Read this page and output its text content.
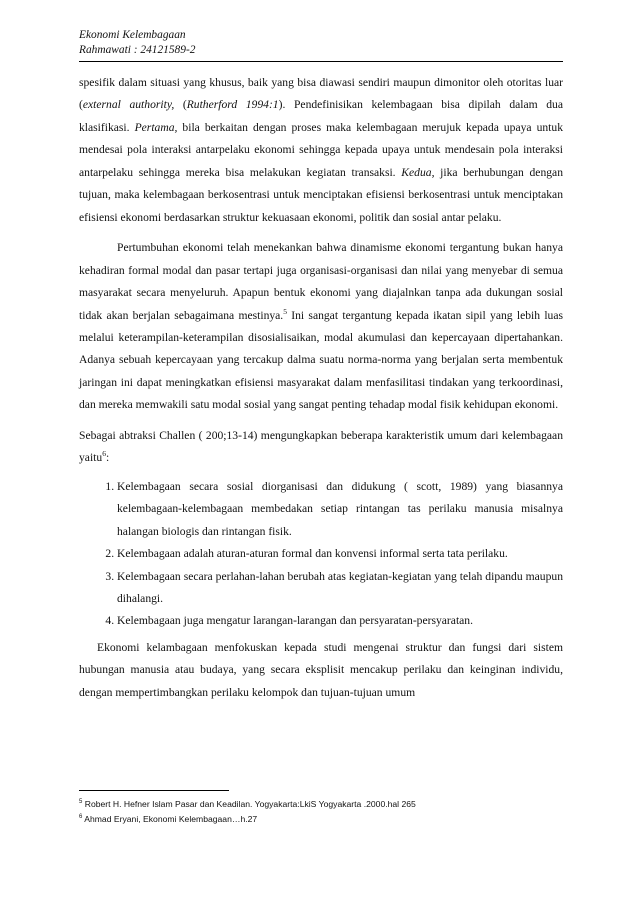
Ekonomi Kelembagaan
Rahmawati : 24121589-2

spesifik dalam situasi yang khusus, baik yang bisa diawasi sendiri maupun dimonitor oleh otoritas luar (external authority, (Rutherford 1994:1). Pendefinisikan kelembagaan bisa dipilah dalam dua klasifikasi. Pertama, bila berkaitan dengan proses maka kelembagaan merujuk kepada upaya untuk mendesai pola interaksi antarpelaku ekonomi sehingga kepada upaya untuk mendesain pola interaksi antarpelaku sehingga mereka bisa melakukan kegiatan transaksi. Kedua, jika berhubungan dengan tujuan, maka kelembagaan berkosentrasi untuk menciptakan efisiensi berkosentrasi untuk menciptakan efisiensi ekonomi berdasarkan struktur kekuasaan ekonomi, politik dan sosial antar pelaku.

Pertumbuhan ekonomi telah menekankan bahwa dinamisme ekonomi tergantung bukan hanya kehadiran formal modal dan pasar tertapi juga organisasi-organisasi dan nilai yang menyebar di semua masyarakat secara menyeluruh. Apapun bentuk ekonomi yang diajalnkan tanpa ada dukungan sosial tidak akan berjalan sebagaimana mestinya.$^5$ Ini sangat tergantung kepada ikatan sipil yang lebih luas melalui keterampilan-keterampilan disosialisaikan, modal akumulasi dan kepercayaan dipertahankan. Adanya sebuah kepercayaan yang tercakup dalma suatu norma-norma yang berjalan serta membentuk jaringan ini dapat meningkatkan efisiensi masyarakat dalam menfasilitasi tindakan yang terkoordinasi, dan mereka memwakili satu modal sosial yang sangat penting tehadap modal fisik kehidupan ekonomi.

Sebagai abtraksi Challen ( 200;13-14) mengungkapkan beberapa karakteristik umum dari kelembagaan yaitu$^6$:

1. Kelembagaan secara sosial diorganisasi dan didukung ( scott, 1989) yang biasannya kelembagaan-kelembagaan membedakan setiap rintangan tas perilaku manusia misalnya halangan biologis dan rintangan fisik.
2. Kelembagaan adalah aturan-aturan formal dan konvensi informal serta tata perilaku.
3. Kelembagaan secara perlahan-lahan berubah atas kegiatan-kegiatan yang telah dipandu maupun dihalangi.
4. Kelembagaan juga mengatur larangan-larangan dan persyaratan-persyaratan.

Ekonomi kelambagaan menfokuskan kepada studi mengenai struktur dan fungsi dari sistem hubungan manusia atau budaya, yang secara eksplisit mencakup perilaku dan keinginan individu, dengan mempertimbangkan perilaku kelompok dan tujuan-tujuan umum

$^5$ Robert H. Hefner Islam Pasar dan Keadilan. Yogyakarta:LkiS Yogyakarta .2000.hal 265
$^6$ Ahmad Eryani, Ekonomi Kelembagaan…h.27
